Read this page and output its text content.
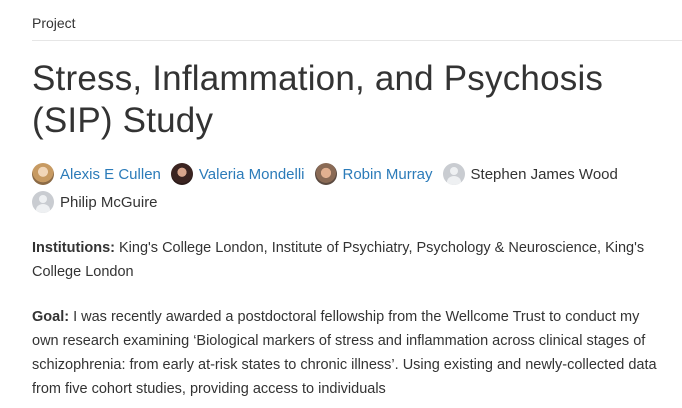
Project
Stress, Inflammation, and Psychosis (SIP) Study
Alexis E Cullen	Valeria Mondelli	Robin Murray	Stephen James Wood
Philip McGuire

Institutions: King's College London, Institute of Psychiatry, Psychology & Neuroscience, King's College London

Goal: I was recently awarded a postdoctoral fellowship from the Wellcome Trust to conduct my own research examining ‘Biological markers of stress and inflammation across clinical stages of schizophrenia: from early at-risk states to chronic illness’. Using existing and newly-collected data from five cohort studies, providing access to individuals
